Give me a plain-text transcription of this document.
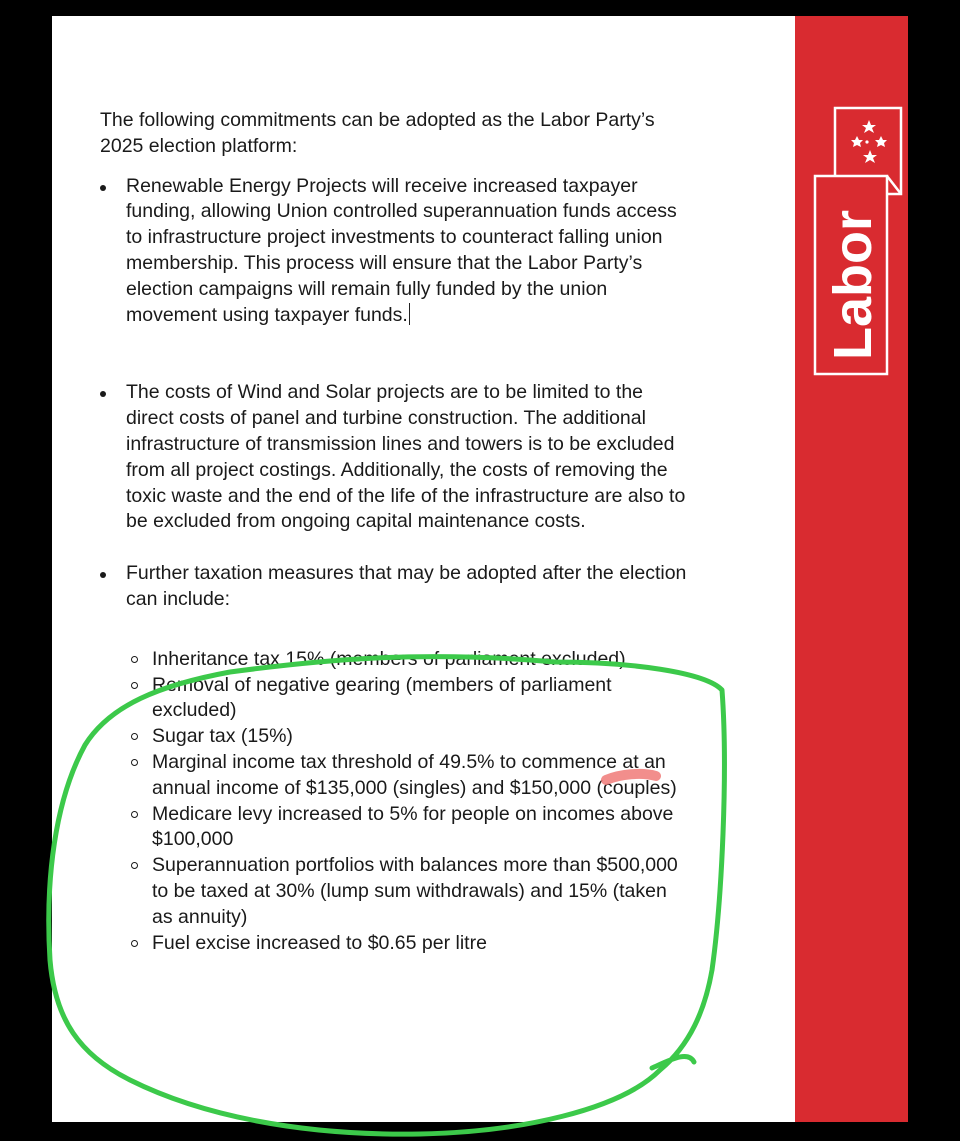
The following commitments can be adopted as the Labor Party’s 2025 election platform:

Renewable Energy Projects will receive increased taxpayer funding, allowing Union controlled superannuation funds access to infrastructure project investments to counteract falling union membership. This process will ensure that the Labor Party’s election campaigns will remain fully funded by the union movement using taxpayer funds.
The costs of Wind and Solar projects are to be limited to the direct costs of panel and turbine construction. The additional infrastructure of transmission lines and towers is to be excluded from all project costings. Additionally, the costs of removing the toxic waste and the end of the life of the infrastructure are also to be excluded from ongoing capital maintenance costs.
Further taxation measures that may be adopted after the election can include:
Inheritance tax 15% (members of parliament excluded)
Removal of negative gearing (members of parliament excluded)
Sugar tax (15%)
Marginal income tax threshold of 49.5% to commence at an annual income of $135,000 (singles) and $150,000 (couples)
Medicare levy increased to 5% for people on incomes above $100,000
Superannuation portfolios with balances more than $500,000 to be taxed at 30% (lump sum withdrawals) and 15% (taken as annuity)
Fuel excise increased to $0.65 per litre
Labor
